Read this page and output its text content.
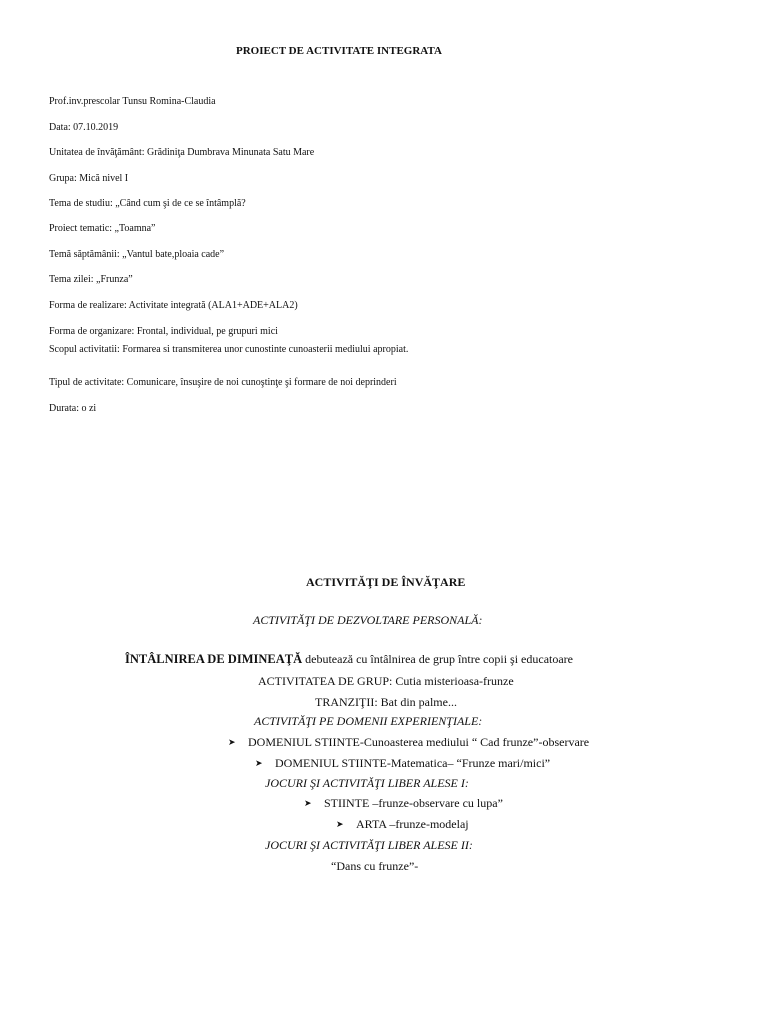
PROIECT DE ACTIVITATE INTEGRATA
Prof.inv.prescolar Tunsu Romina-Claudia
Data: 07.10.2019
Unitatea de învăţământ: Grădiniţa Dumbrava Minunata Satu Mare
Grupa: Mică nivel I
Tema de studiu: „Când cum şi de ce se întâmplă?
Proiect tematic: „Toamna”
Temă săptămânii: „Vantul bate,ploaia cade”
Tema zilei: „Frunza”
Forma de realizare: Activitate integrată (ALA1+ADE+ALA2)
Forma de organizare: Frontal, individual, pe grupuri mici
Scopul activitatii: Formarea si transmiterea unor cunostinte cunoasterii mediului apropiat.
Tipul de activitate: Comunicare, însuşire de noi cunoştinţe şi formare de noi deprinderi
Durata: o zi
ACTIVITĂŢI DE ÎNVĂŢARE
ACTIVITĂŢI DE DEZVOLTARE PERSONALĂ:
ÎNTÂLNIREA DE DIMINEAŢĂ debutează cu întâlnirea de grup între copii şi educatoare
ACTIVITATEA DE GRUP: Cutia misterioasa-frunze
TRANZIŢII: Bat din palme...
ACTIVITĂŢI PE DOMENII EXPERIENŢIALE:
➤ DOMENIUL STIINTE-Cunoasterea mediului “ Cad frunze”-observare
➤ DOMENIUL STIINTE-Matematica– “Frunze mari/mici”
JOCURI ŞI ACTIVITĂŢI LIBER ALESE I:
➤ STIINTE –frunze-observare cu lupa”
➤ ARTA –frunze-modelaj
JOCURI ŞI ACTIVITĂŢI LIBER ALESE II:
“Dans cu frunze”-
